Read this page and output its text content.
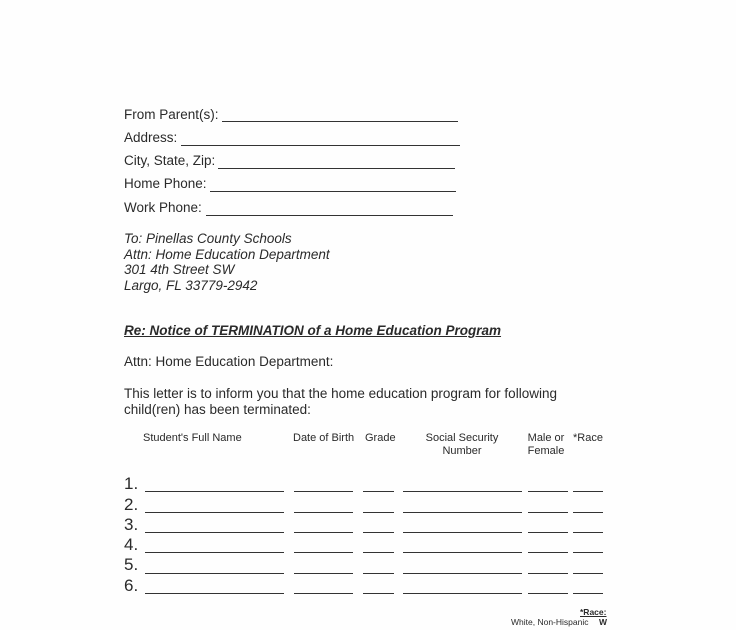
From Parent(s):
Address:
City, State, Zip:
Home Phone:
Work Phone:
To: Pinellas County Schools
Attn: Home Education Department
301 4th Street SW
Largo, FL 33779-2942
Re: Notice of TERMINATION of a Home Education Program
Attn: Home Education Department:
This letter is to inform you that the home education program for following
child(ren) has been terminated:
Student's Full Name	Date of Birth Grade	Social Security
Number
Male or
Female
*Race
1.
2.
3.
4.
5.
6.
*Race:
White, Non-Hispanic W
